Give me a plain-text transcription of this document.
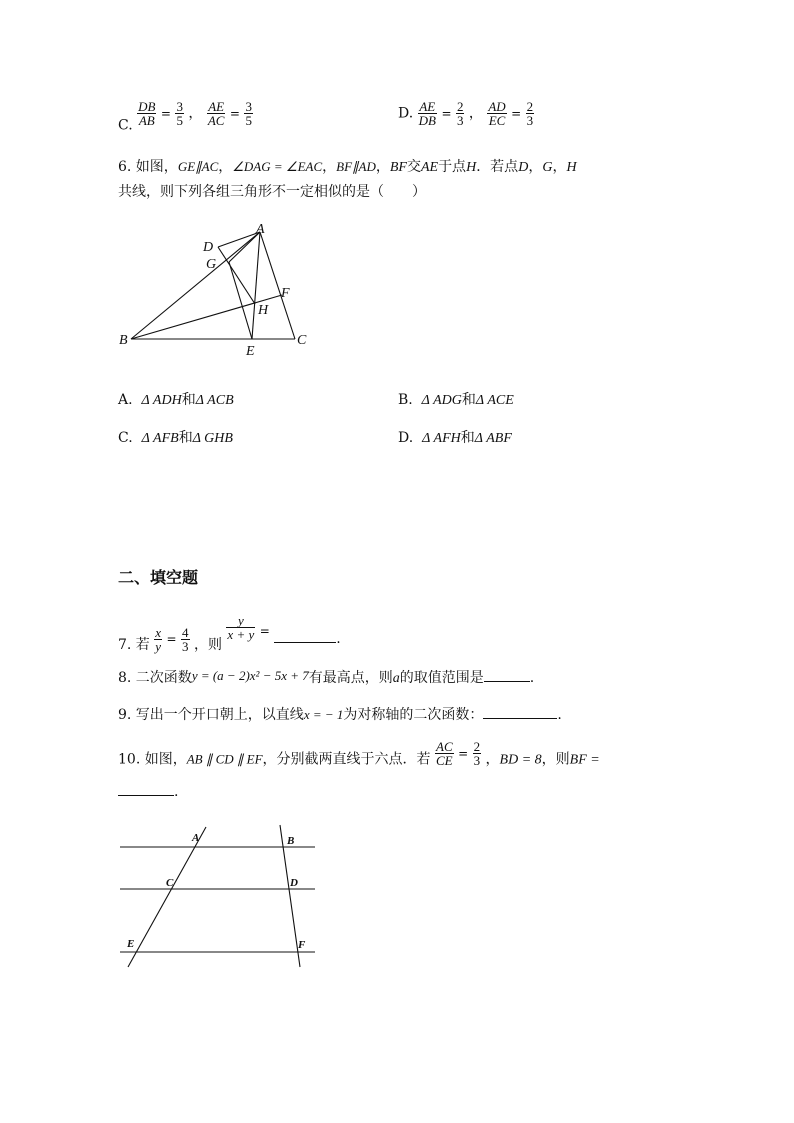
C. $\frac{DB}{AB} = \frac{3}{5}$ ， $\frac{AE}{AC} = \frac{3}{5}$	D. $\frac{AE}{DB} = \frac{2}{3}$ ， $\frac{AD}{EC} = \frac{2}{3}$
6. 如图，GE∥AC，∠DAG = ∠EAC，BF∥AD，BF交AE于点H．若点D，G，H
共线，则下列各组三角形不一定相似的是（　　）
A
D
G
F
H
B
E
C
A. Δ ADH和Δ ACB	B. Δ ADG和Δ ACE
C. Δ AFB和Δ GHB	D. Δ AFH和Δ ABF
二、填空题
7. 若 $\frac{x}{y} = \frac{4}{3}$ ，则
$\frac{y}{x + y}$ =	.
8. 二次函数y = (a − 2)x² − 5x + 7有最高点，则a的取值范围是	.
9. 写出一个开口朝上，以直线x = − 1为对称轴的二次函数：	.
10. 如图，AB ∥ CD ∥ EF，分别截两直线于六点．若 $\frac{AC}{CE} = \frac{2}{3}$ ，BD = 8，则BF =
.
A	B
C	D
E	F
